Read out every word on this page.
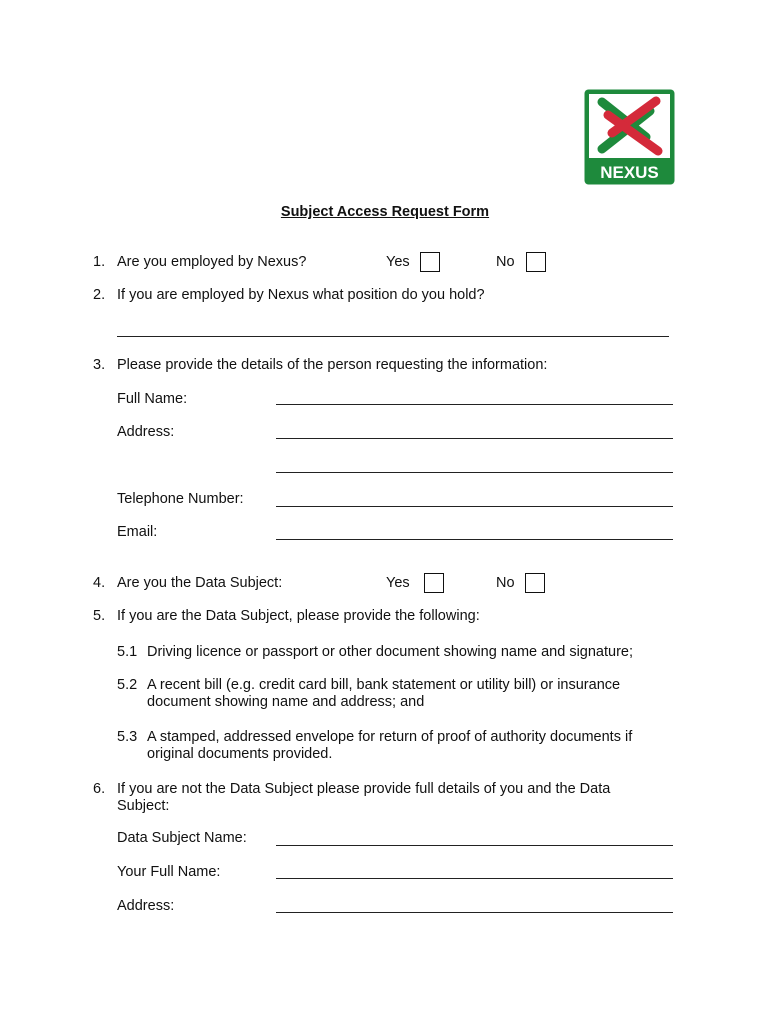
NEXUS
Subject Access Request Form
1. Are you employed by Nexus?	Yes	No
2. If you are employed by Nexus what position do you hold?
3. Please provide the details of the person requesting the information:
Full Name:
Address:
Telephone Number:
Email:
4. Are you the Data Subject:	Yes	No
5. If you are the Data Subject, please provide the following:
5.1 Driving licence or passport or other document showing name and signature;
5.2 A recent bill (e.g. credit card bill, bank statement or utility bill) or insurance document showing name and address; and
5.3 A stamped, addressed envelope for return of proof of authority documents if original documents provided.
6. If you are not the Data Subject please provide full details of you and the Data Subject:
Data Subject Name:
Your Full Name:
Address:
